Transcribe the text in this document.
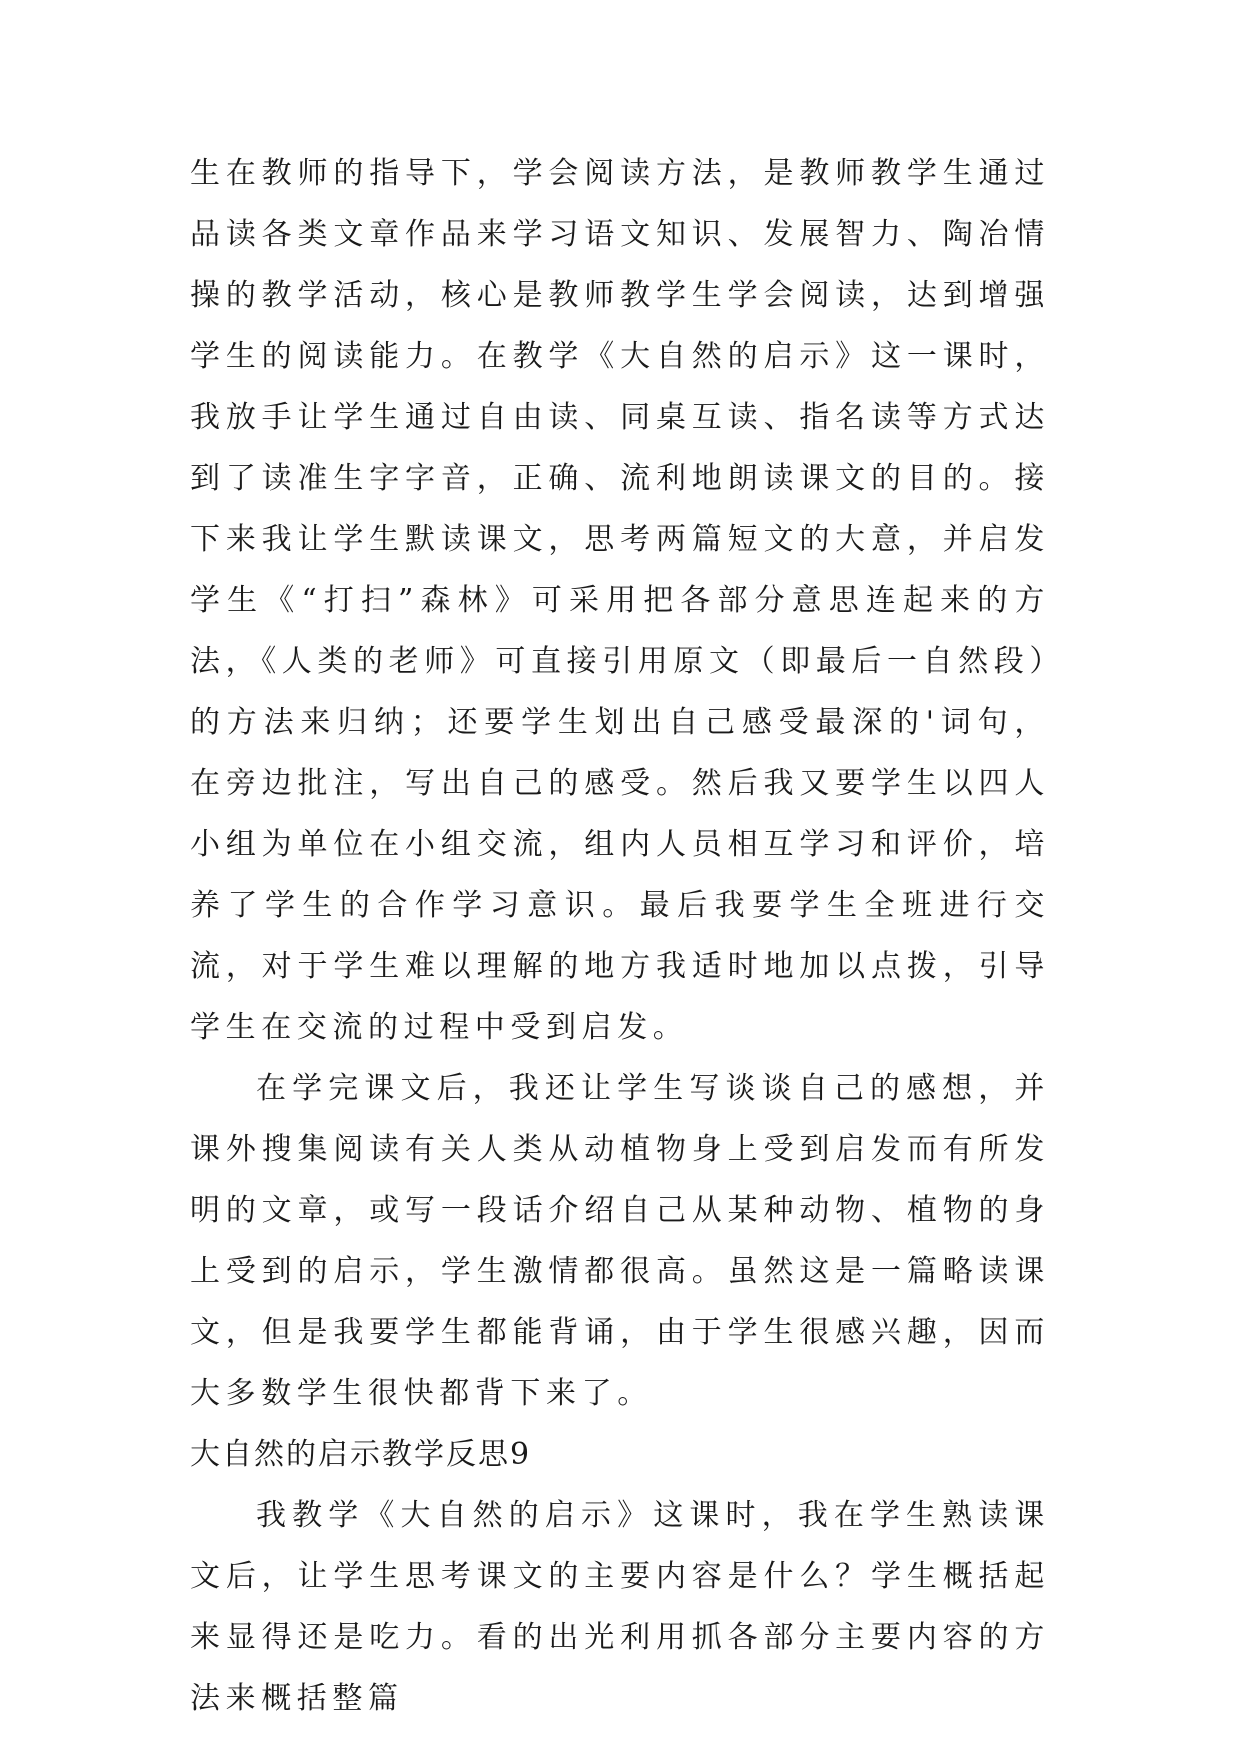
生在教师的指导下，学会阅读方法，是教师教学生通过品读各类文章作品来学习语文知识、发展智力、陶冶情操的教学活动，核心是教师教学生学会阅读，达到增强学生的阅读能力。在教学《大自然的启示》这一课时，我放手让学生通过自由读、同桌互读、指名读等方式达到了读准生字字音，正确、流利地朗读课文的目的。接下来我让学生默读课文，思考两篇短文的大意，并启发学生《“打扫”森林》可采用把各部分意思连起来的方法，《人类的老师》可直接引用原文（即最后一自然段）的方法来归纳；还要学生划出自己感受最深的'词句，在旁边批注，写出自己的感受。然后我又要学生以四人小组为单位在小组交流，组内人员相互学习和评价，培养了学生的合作学习意识。最后我要学生全班进行交流，对于学生难以理解的地方我适时地加以点拨，引导学生在交流的过程中受到启发。

在学完课文后，我还让学生写谈谈自己的感想，并课外搜集阅读有关人类从动植物身上受到启发而有所发明的文章，或写一段话介绍自己从某种动物、植物的身上受到的启示，学生激情都很高。虽然这是一篇略读课文，但是我要学生都能背诵，由于学生很感兴趣，因而大多数学生很快都背下来了。

大自然的启示教学反思9

我教学《大自然的启示》这课时，我在学生熟读课文后，让学生思考课文的主要内容是什么？学生概括起来显得还是吃力。看的出光利用抓各部分主要内容的方法来概括整篇
